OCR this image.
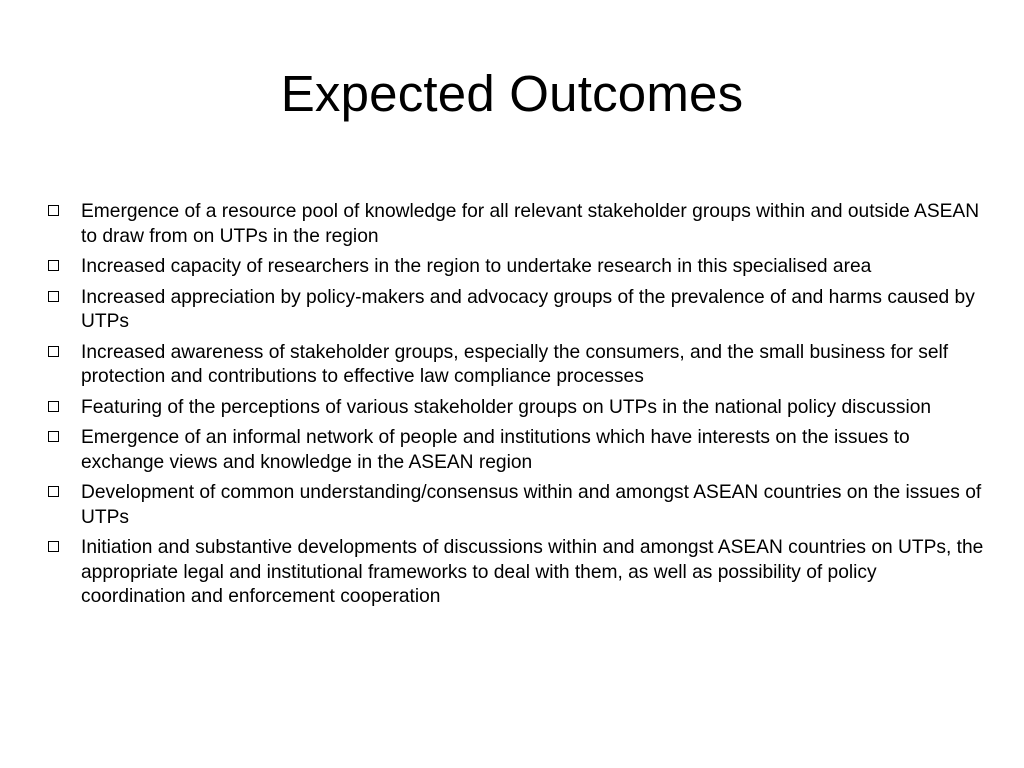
Expected Outcomes
Emergence of a resource pool of knowledge for all relevant stakeholder groups within and outside ASEAN to draw from on UTPs in the region
Increased capacity of researchers in the region to undertake research in this specialised area
Increased appreciation by policy-makers and advocacy groups of the prevalence of and harms caused by UTPs
Increased awareness of stakeholder groups, especially the consumers, and the small business for self protection and contributions to effective law compliance processes
Featuring of the perceptions of various stakeholder groups on UTPs in the national policy discussion
Emergence of an informal network of people and institutions which have interests on the issues to exchange views and knowledge in the ASEAN region
Development of common understanding/consensus within and amongst ASEAN countries on the issues of UTPs
Initiation and substantive developments of discussions within and amongst ASEAN countries on UTPs, the appropriate legal and institutional frameworks to deal with them, as well as possibility of policy coordination and enforcement cooperation
